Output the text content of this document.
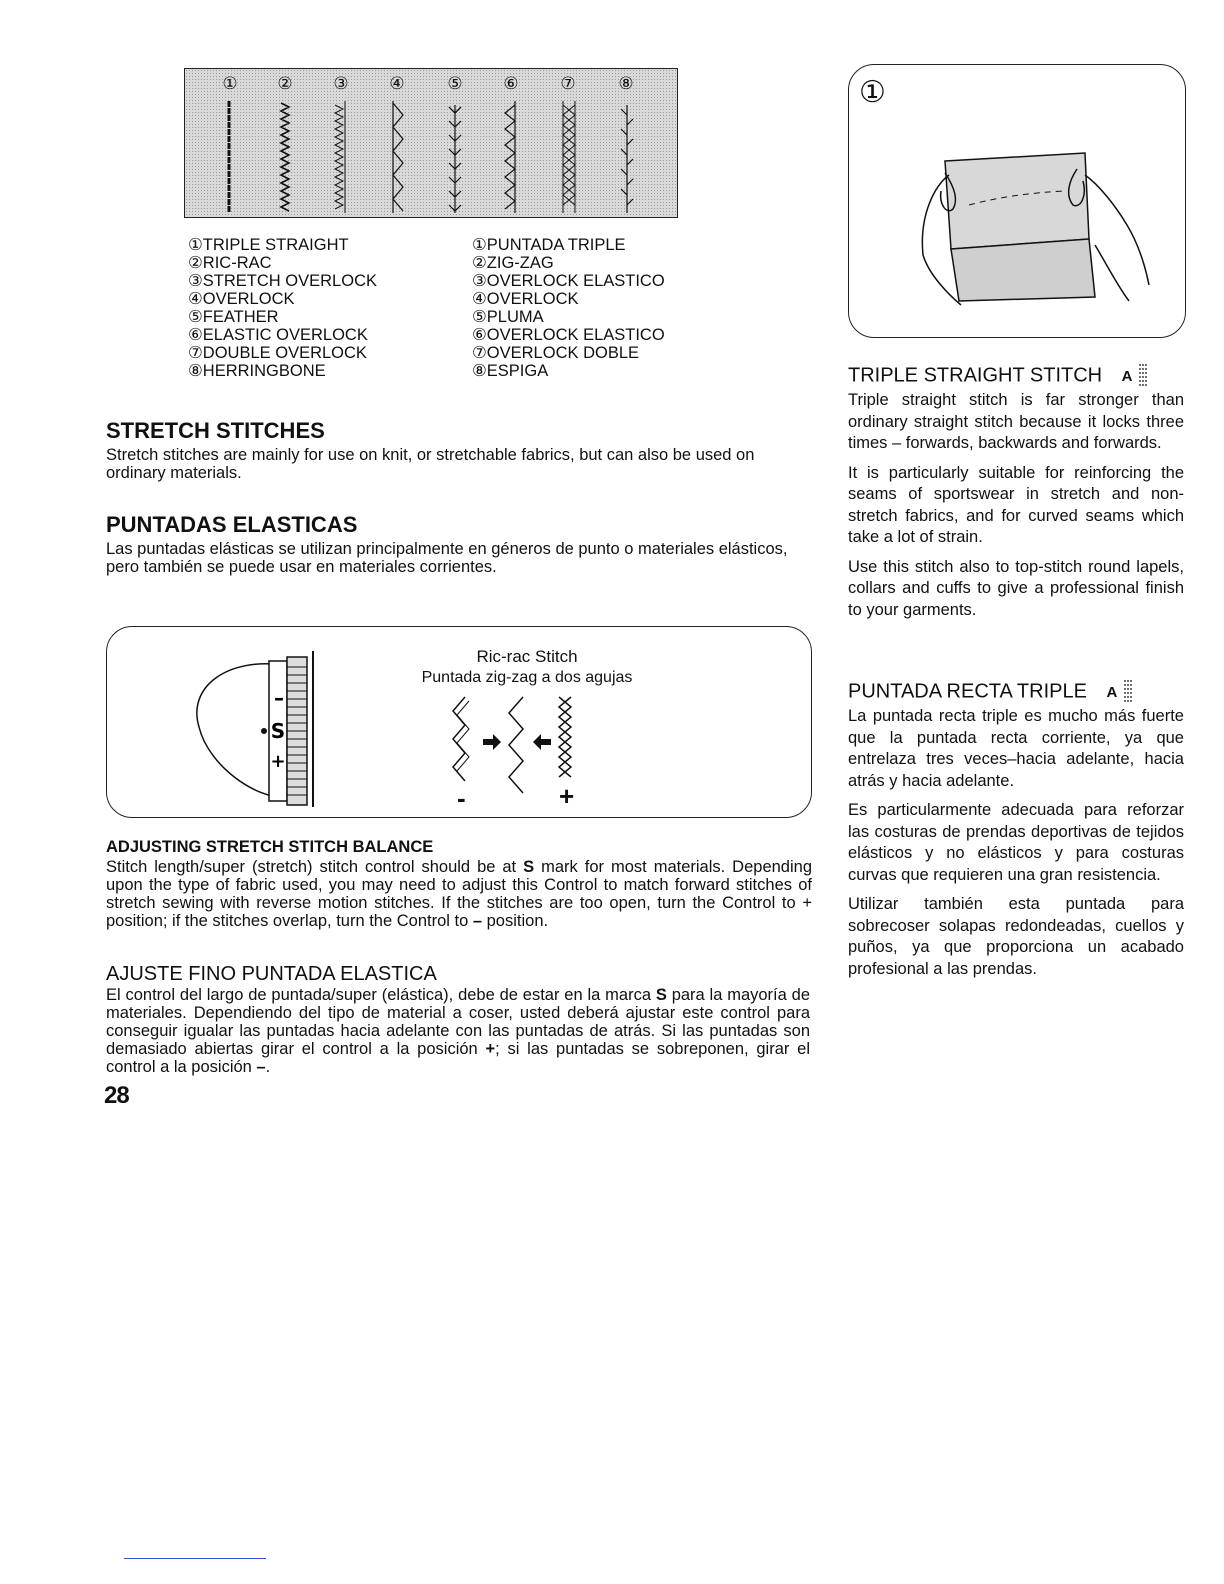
① ② ③ ④	⑤ ⑥ ⑦	⑧
①TRIPLE STRAIGHT
②RIC-RAC
③STRETCH OVERLOCK
④OVERLOCK
⑤FEATHER
⑥ELASTIC OVERLOCK
⑦DOUBLE OVERLOCK
⑧HERRINGBONE
①PUNTADA TRIPLE
②ZIG-ZAG
③OVERLOCK ELASTICO
④OVERLOCK
⑤PLUMA
⑥OVERLOCK ELASTICO
⑦OVERLOCK DOBLE
⑧ESPIGA
STRETCH STITCHES

Stretch stitches are mainly for use on knit, or stretchable fabrics, but can also be used on ordinary materials.

PUNTADAS ELASTICAS

Las puntadas elásticas se utilizan principalmente en géneros de punto o materiales elásticos, pero también se puede usar en materiales corrientes.

–
S
+
Ric-rac Stitch
Puntada zig-zag a dos agujas
-	+
ADJUSTING STRETCH STITCH BALANCE

Stitch length/super (stretch) stitch control should be at S mark for most materials. Depending upon the type of fabric used, you may need to adjust this Control to match forward stitches of stretch sewing with reverse motion stitches. If the stitches are too open, turn the Control to + position; if the stitches overlap, turn the Control to – position.

AJUSTE FINO PUNTADA ELASTICA

El control del largo de puntada/super (elástica), debe de estar en la marca S para la mayoría de materiales. Dependiendo del tipo de material a coser, usted deberá ajustar este control para conseguir igualar las puntadas hacia adelante con las puntadas de atrás. Si las puntadas son demasiado abiertas girar el control a la posición +; si las puntadas se sobreponen, girar el control a la posición –.

28
①
TRIPLE STRAIGHT STITCH A
Triple straight stitch is far stronger than ordinary straight stitch because it locks three times – forwards, backwards and forwards.
It is particularly suitable for reinforcing the seams of sportswear in stretch and non-stretch fabrics, and for curved seams which take a lot of strain.
Use this stitch also to top-stitch round lapels, collars and cuffs to give a professional finish to your garments.
PUNTADA RECTA TRIPLE A
La puntada recta triple es mucho más fuerte que la puntada recta corriente, ya que entrelaza tres veces–hacia adelante, hacia atrás y hacia adelante.
Es particularmente adecuada para reforzar las costuras de prendas deportivas de tejidos elásticos y no elásticos y para costuras curvas que requieren una gran resistencia.
Utilizar también esta puntada para sobrecoser solapas redondeadas, cuellos y puños, ya que proporciona un acabado profesional a las prendas.
